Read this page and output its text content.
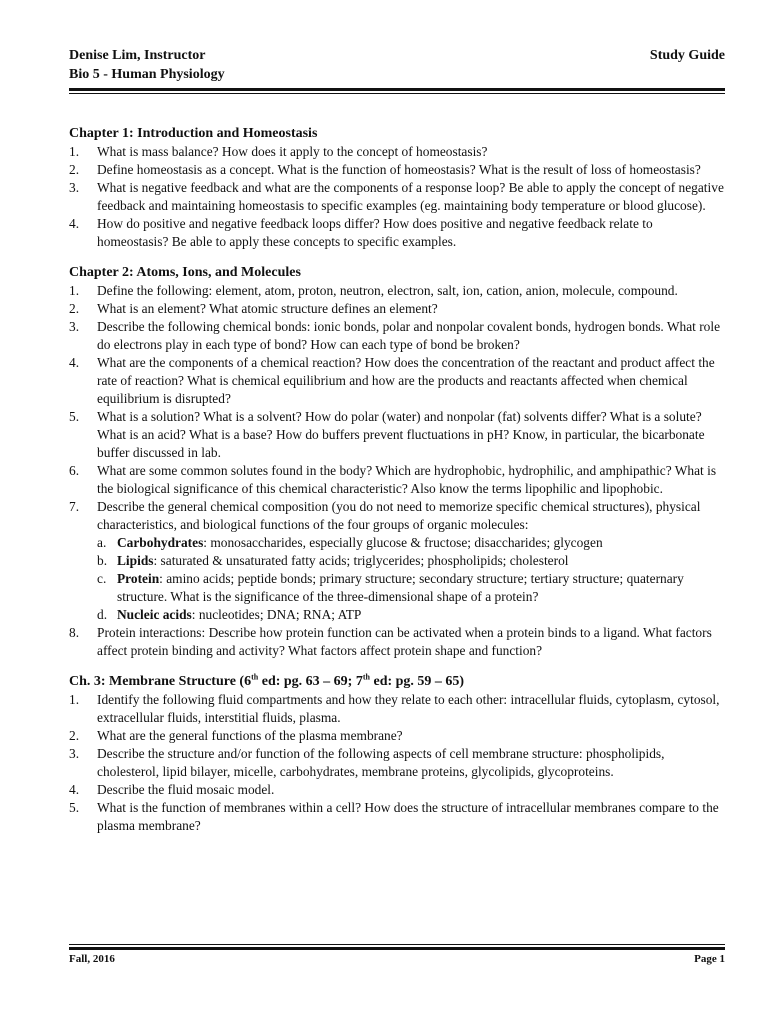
Denise Lim, Instructor	Study Guide
Bio 5 - Human Physiology
Chapter 1: Introduction and Homeostasis
1.	What is mass balance? How does it apply to the concept of homeostasis?
2.	Define homeostasis as a concept. What is the function of homeostasis? What is the result of loss of homeostasis?
3.	What is negative feedback and what are the components of a response loop? Be able to apply the concept of negative feedback and maintaining homeostasis to specific examples (eg. maintaining body temperature or blood glucose).
4.	How do positive and negative feedback loops differ? How does positive and negative feedback relate to homeostasis? Be able to apply these concepts to specific examples.
Chapter 2: Atoms, Ions, and Molecules
1.	Define the following: element, atom, proton, neutron, electron, salt, ion, cation, anion, molecule, compound.
2.	What is an element? What atomic structure defines an element?
3.	Describe the following chemical bonds: ionic bonds, polar and nonpolar covalent bonds, hydrogen bonds. What role do electrons play in each type of bond? How can each type of bond be broken?
4.	What are the components of a chemical reaction? How does the concentration of the reactant and product affect the rate of reaction? What is chemical equilibrium and how are the products and reactants affected when chemical equilibrium is disrupted?
5.	What is a solution? What is a solvent? How do polar (water) and nonpolar (fat) solvents differ? What is a solute? What is an acid? What is a base? How do buffers prevent fluctuations in pH? Know, in particular, the bicarbonate buffer discussed in lab.
6.	What are some common solutes found in the body? Which are hydrophobic, hydrophilic, and amphipathic? What is the biological significance of this chemical characteristic? Also know the terms lipophilic and lipophobic.
7.	Describe the general chemical composition (you do not need to memorize specific chemical structures), physical characteristics, and biological functions of the four groups of organic molecules:
a. Carbohydrates: monosaccharides, especially glucose & fructose; disaccharides; glycogen
b. Lipids: saturated & unsaturated fatty acids; triglycerides; phospholipids; cholesterol
c. Protein: amino acids; peptide bonds; primary structure; secondary structure; tertiary structure; quaternary structure. What is the significance of the three-dimensional shape of a protein?
d. Nucleic acids: nucleotides; DNA; RNA; ATP
8.	Protein interactions: Describe how protein function can be activated when a protein binds to a ligand. What factors affect protein binding and activity? What factors affect protein shape and function?
Ch. 3: Membrane Structure (6th ed: pg. 63 – 69; 7th ed: pg. 59 – 65)
1.	Identify the following fluid compartments and how they relate to each other: intracellular fluids, cytoplasm, cytosol, extracellular fluids, interstitial fluids, plasma.
2.	What are the general functions of the plasma membrane?
3.	Describe the structure and/or function of the following aspects of cell membrane structure: phospholipids, cholesterol, lipid bilayer, micelle, carbohydrates, membrane proteins, glycolipids, glycoproteins.
4.	Describe the fluid mosaic model.
5.	What is the function of membranes within a cell? How does the structure of intracellular membranes compare to the plasma membrane?
Fall, 2016	Page 1
